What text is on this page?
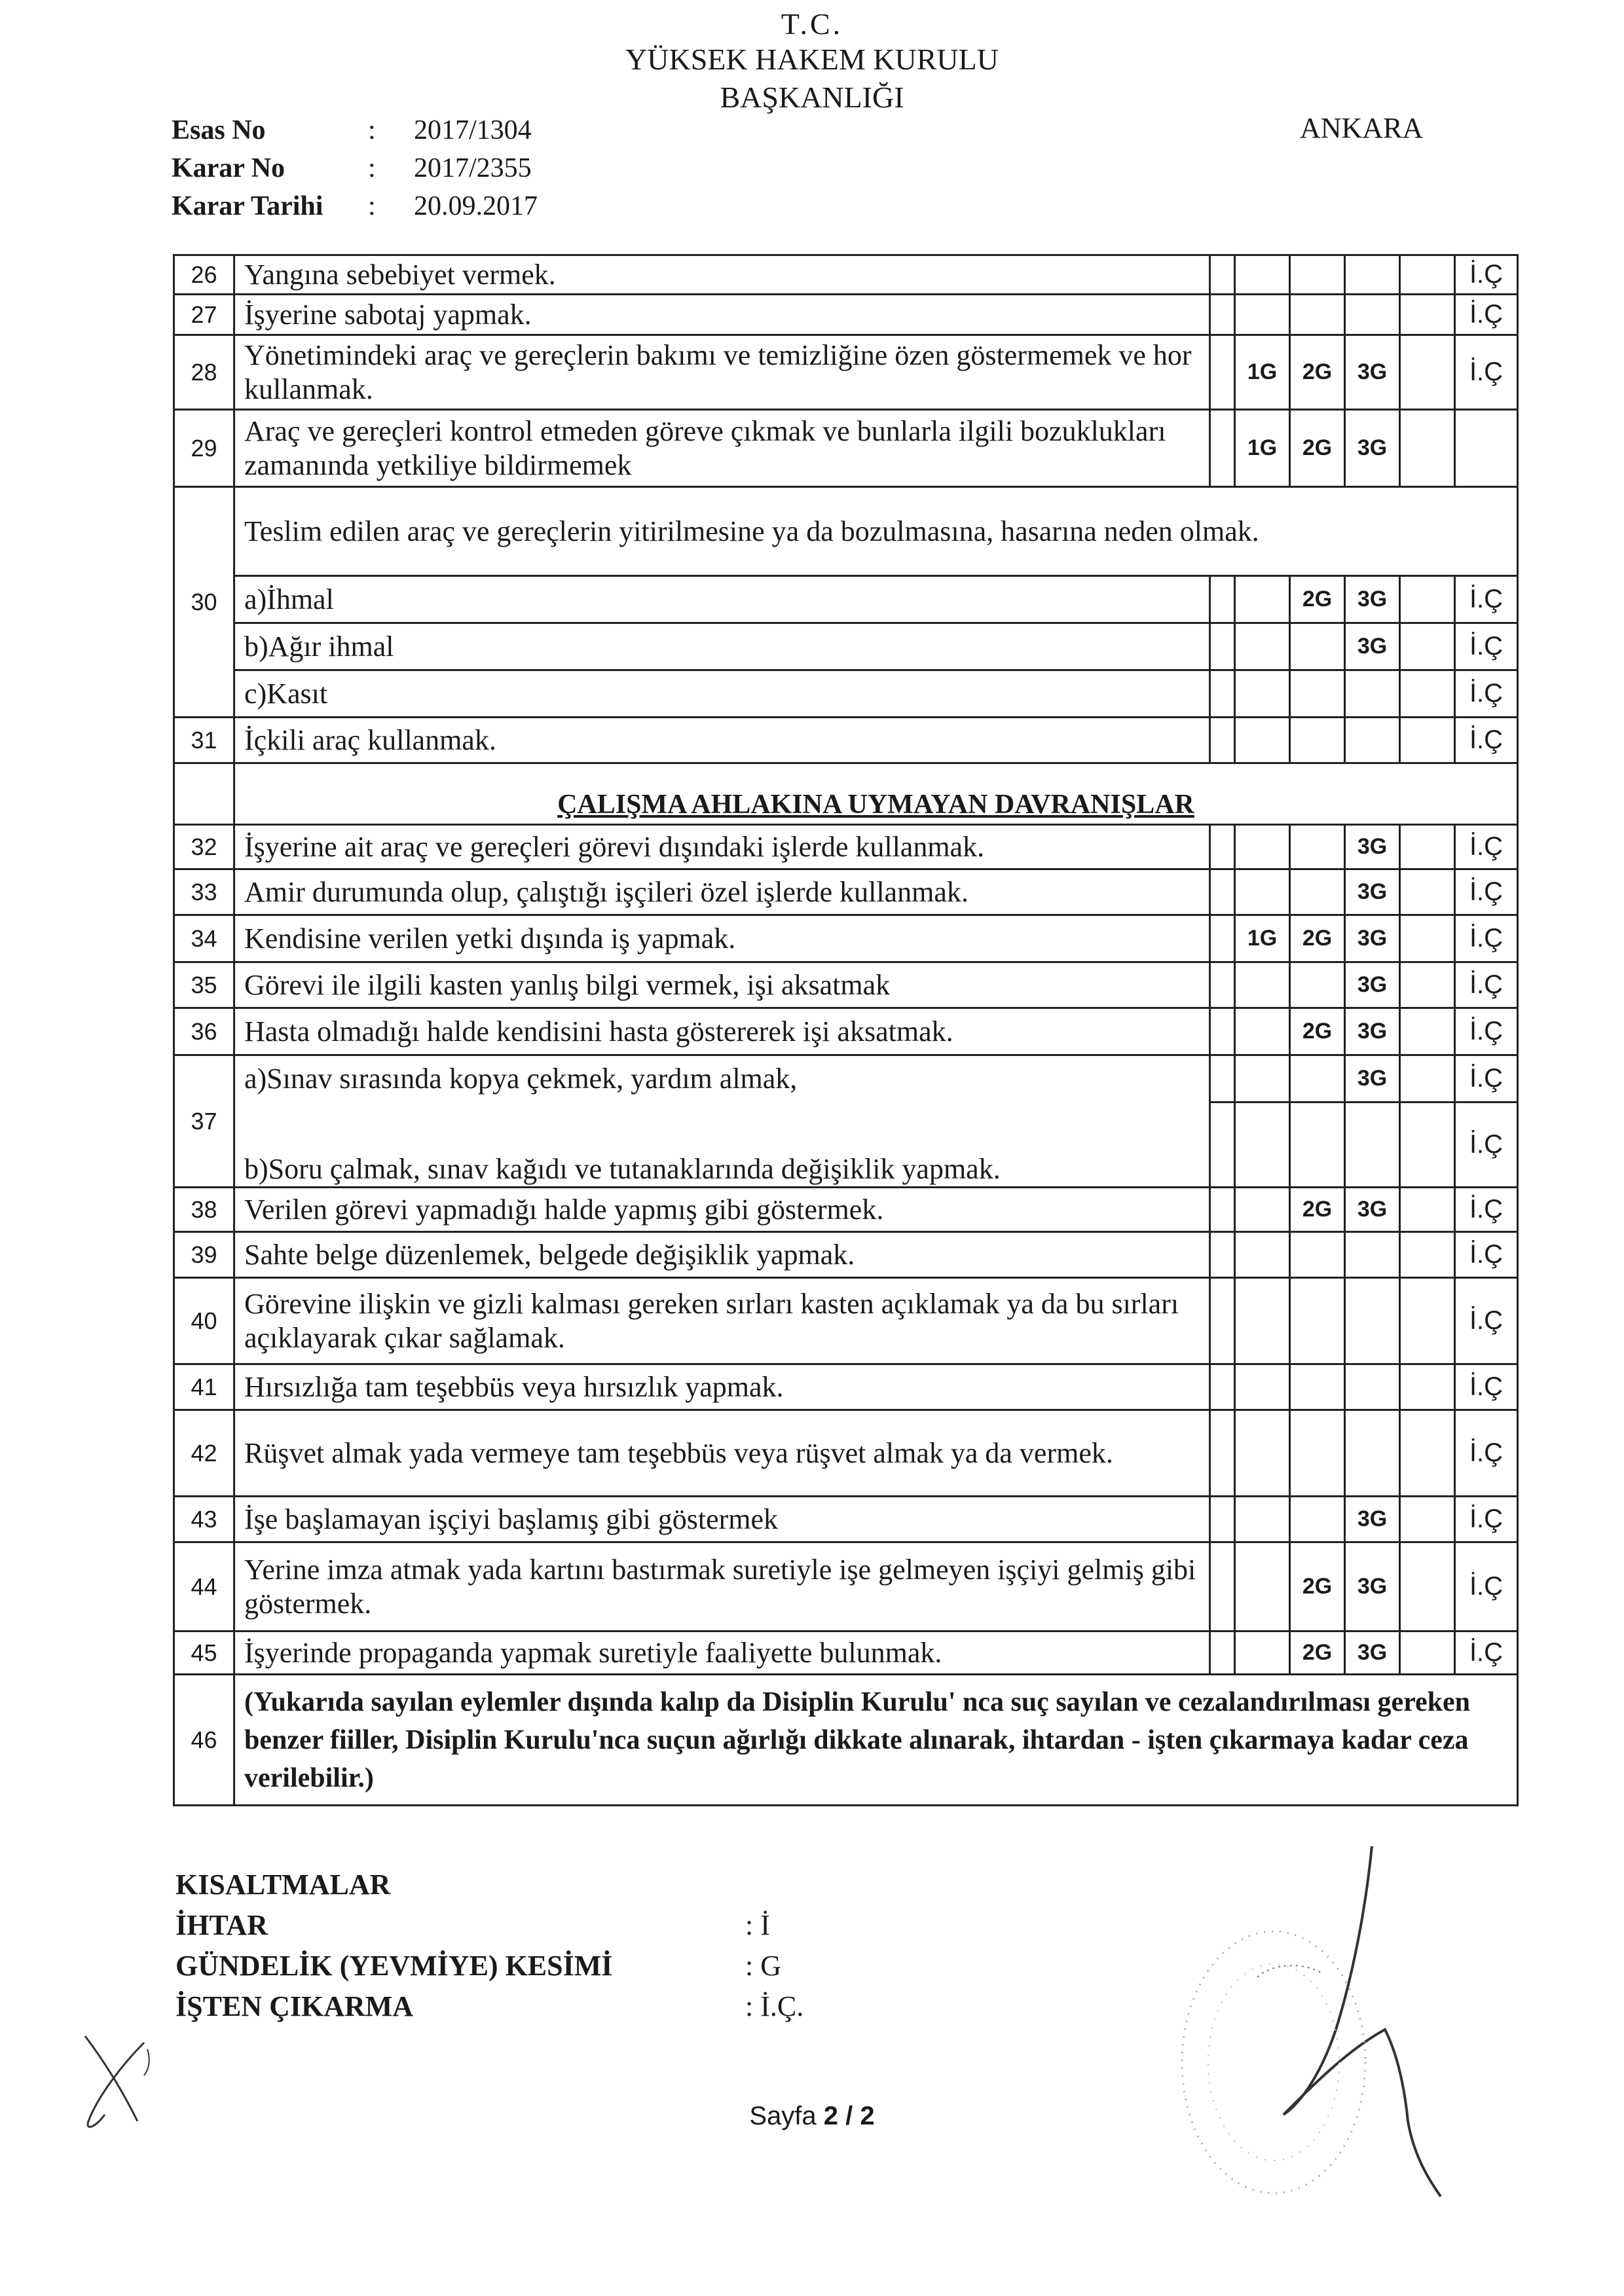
T.C.
YÜKSEK HAKEM KURULU
BAŞKANLIĞI
Esas No	:	2017/1304
Karar No	:	2017/2355
Karar Tarihi	:	20.09.2017
ANKARA
26	Yangına sebebiyet vermek.						İ.Ç
27	İşyerine sabotaj yapmak.						İ.Ç
28	Yönetimindeki araç ve gereçlerin bakımı ve temizliğine özen göstermemek ve hor kullanmak.		1G	2G	3G		İ.Ç
29	Araç ve gereçleri kontrol etmeden göreve çıkmak ve bunlarla ilgili bozuklukları zamanında yetkiliye bildirmemek		1G	2G	3G		
30	Teslim edilen araç ve gereçlerin yitirilmesine ya da bozulmasına, hasarına neden olmak.						
	a)İhmal			2G	3G		İ.Ç
	b)Ağır ihmal				3G		İ.Ç
	c)Kasıt						İ.Ç
31	İçkili araç kullanmak.						İ.Ç
	ÇALIŞMA AHLAKINA UYMAYAN DAVRANIŞLAR						
32	İşyerine ait araç ve gereçleri görevi dışındaki işlerde kullanmak.				3G		İ.Ç
33	Amir durumunda olup, çalıştığı işçileri özel işlerde kullanmak.				3G		İ.Ç
34	Kendisine verilen yetki dışında iş yapmak.		1G	2G	3G		İ.Ç
35	Görevi ile ilgili kasten yanlış bilgi vermek, işi aksatmak				3G		İ.Ç
36	Hasta olmadığı halde kendisini hasta göstererek işi aksatmak.			2G	3G		İ.Ç
37	a)Sınav sırasında kopya çekmek, yardım almak,				3G		İ.Ç
	b)Soru çalmak, sınav kağıdı ve tutanaklarında değişiklik yapmak.						İ.Ç
38	Verilen görevi yapmadığı halde yapmış gibi göstermek.			2G	3G		İ.Ç
39	Sahte belge düzenlemek, belgede değişiklik yapmak.						İ.Ç
40	Görevine ilişkin ve gizli kalması gereken sırları kasten açıklamak ya da bu sırları açıklayarak çıkar sağlamak.						İ.Ç
41	Hırsızlığa tam teşebbüs veya hırsızlık yapmak.						İ.Ç
42	Rüşvet almak yada vermeye tam teşebbüs veya rüşvet almak ya da vermek.						İ.Ç
43	İşe başlamayan işçiyi başlamış gibi göstermek				3G		İ.Ç
44	Yerine imza atmak yada kartını bastırmak suretiyle işe gelmeyen işçiyi gelmiş gibi göstermek.			2G	3G		İ.Ç
45	İşyerinde propaganda yapmak suretiyle faaliyette bulunmak.			2G	3G		İ.Ç
46	(Yukarıda sayılan eylemler dışında kalıp da Disiplin Kurulu' nca suç sayılan ve cezalandırılması gereken benzer fiiller, Disiplin Kurulu'nca suçun ağırlığı dikkate alınarak, ihtardan - işten çıkarmaya kadar ceza verilebilir.)						
KISALTMALAR
İHTAR	: İ
GÜNDELİK (YEVMİYE) KESİMİ	: G
İŞTEN ÇIKARMA	: İ.Ç.
Sayfa 2 / 2
